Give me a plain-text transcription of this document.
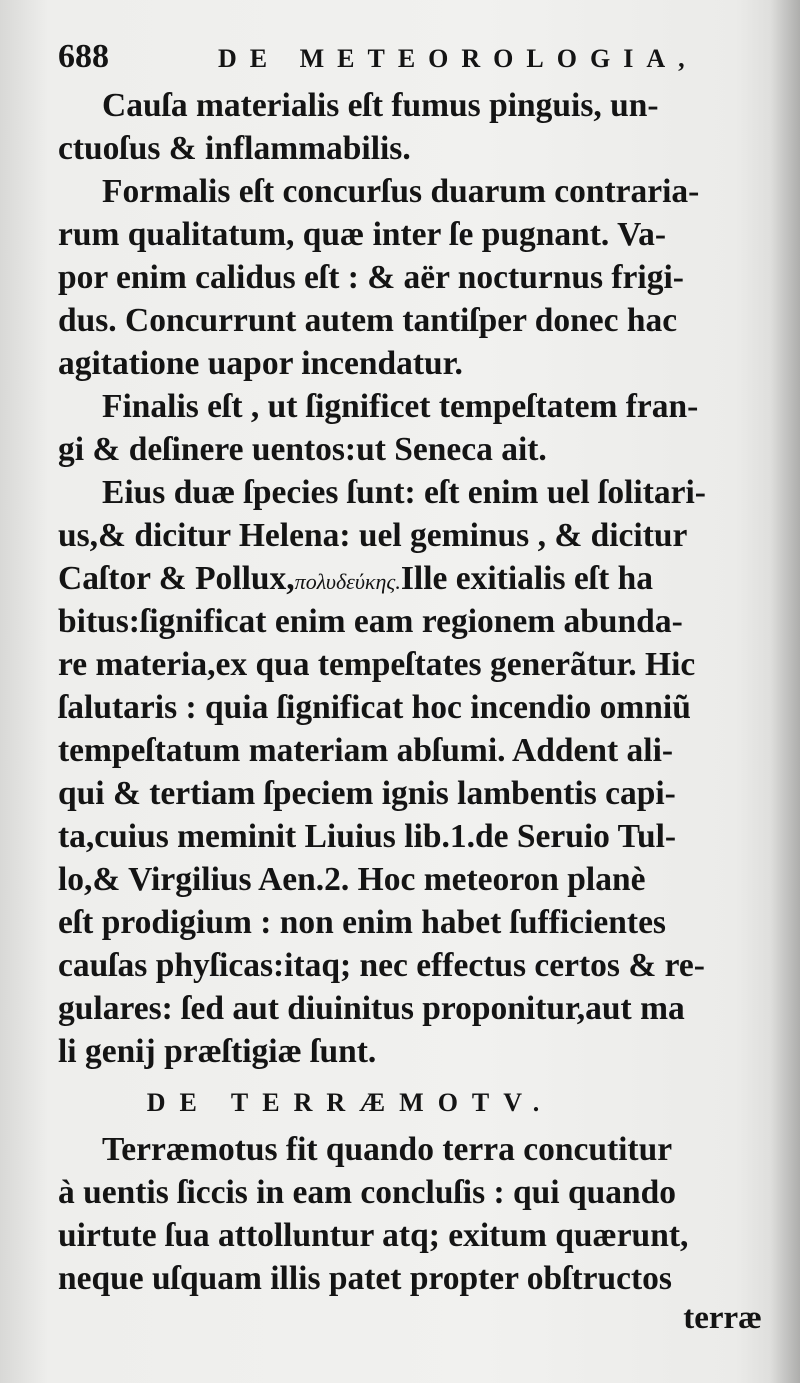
688	DE METEOROLOGIA,
Cauſa materialis eſt fumus pinguis, un-
ctuoſus & inflammabilis.
Formalis eſt concurſus duarum contraria-
rum qualitatum, quæ inter ſe pugnant. Va-
por enim calidus eſt : & aër nocturnus frigi-
dus. Concurrunt autem tantiſper donec hac
agitatione uapor incendatur.
Finalis eſt , ut ſignificet tempeſtatem fran-
gi & deſinere uentos:ut Seneca ait.
Eius duæ ſpecies ſunt: eſt enim uel ſolitari-
us,& dicitur Helena: uel geminus , & dicitur
Caſtor & Pollux,πολυδεύκης.Ille exitialis eſt ha
bitus:ſignificat enim eam regionem abunda-
re materia,ex qua tempeſtates generãtur. Hic
ſalutaris : quia ſignificat hoc incendio omniũ
tempeſtatum materiam abſumi. Addent ali-
qui & tertiam ſpeciem ignis lambentis capi-
ta,cuius meminit Liuius lib.1.de Seruio Tul-
lo,& Virgilius Aen.2. Hoc meteoron planè
eſt prodigium : non enim habet ſufficientes
cauſas phyſicas:itaq; nec effectus certos & re-
gulares: ſed aut diuinitus proponitur,aut ma
li genij præſtigiæ ſunt.
DE TERRÆMOTV.
Terræmotus fit quando terra concutitur
à uentis ſiccis in eam concluſis : qui quando
uirtute ſua attolluntur atq; exitum quærunt,
neque uſquam illis patet propter obſtructos
terræ
